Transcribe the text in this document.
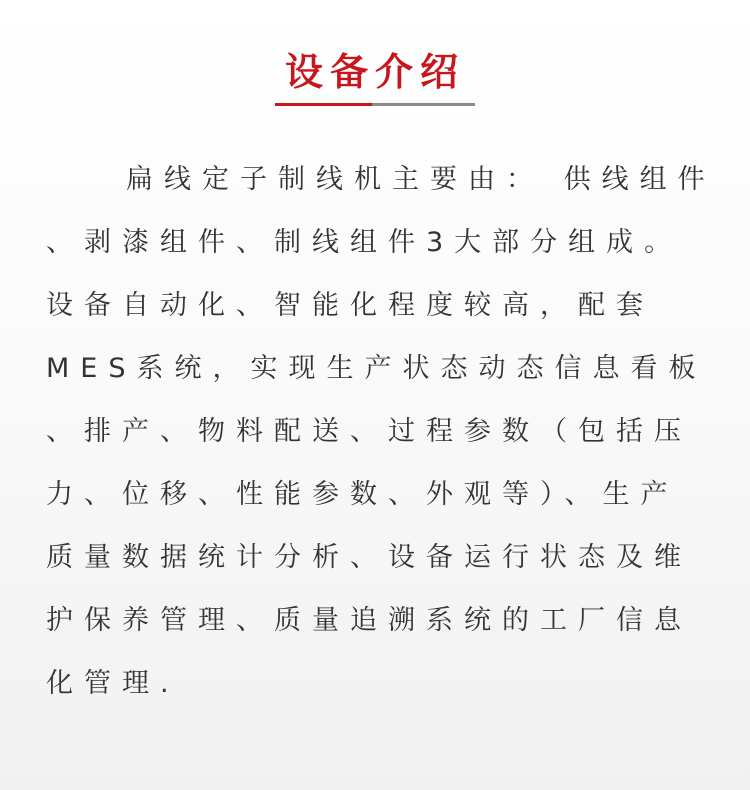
设备介绍
扁线定子制线机主要由： 供线组件
、剥漆组件、制线组件3大部分组成。
设备自动化、智能化程度较高，配套
MES系统，实现生产状态动态信息看板
、排产、物料配送、过程参数（包括压
力、位移、性能参数、外观等）、生产
质量数据统计分析、设备运行状态及维
护保养管理、质量追溯系统的工厂信息
化管理.
